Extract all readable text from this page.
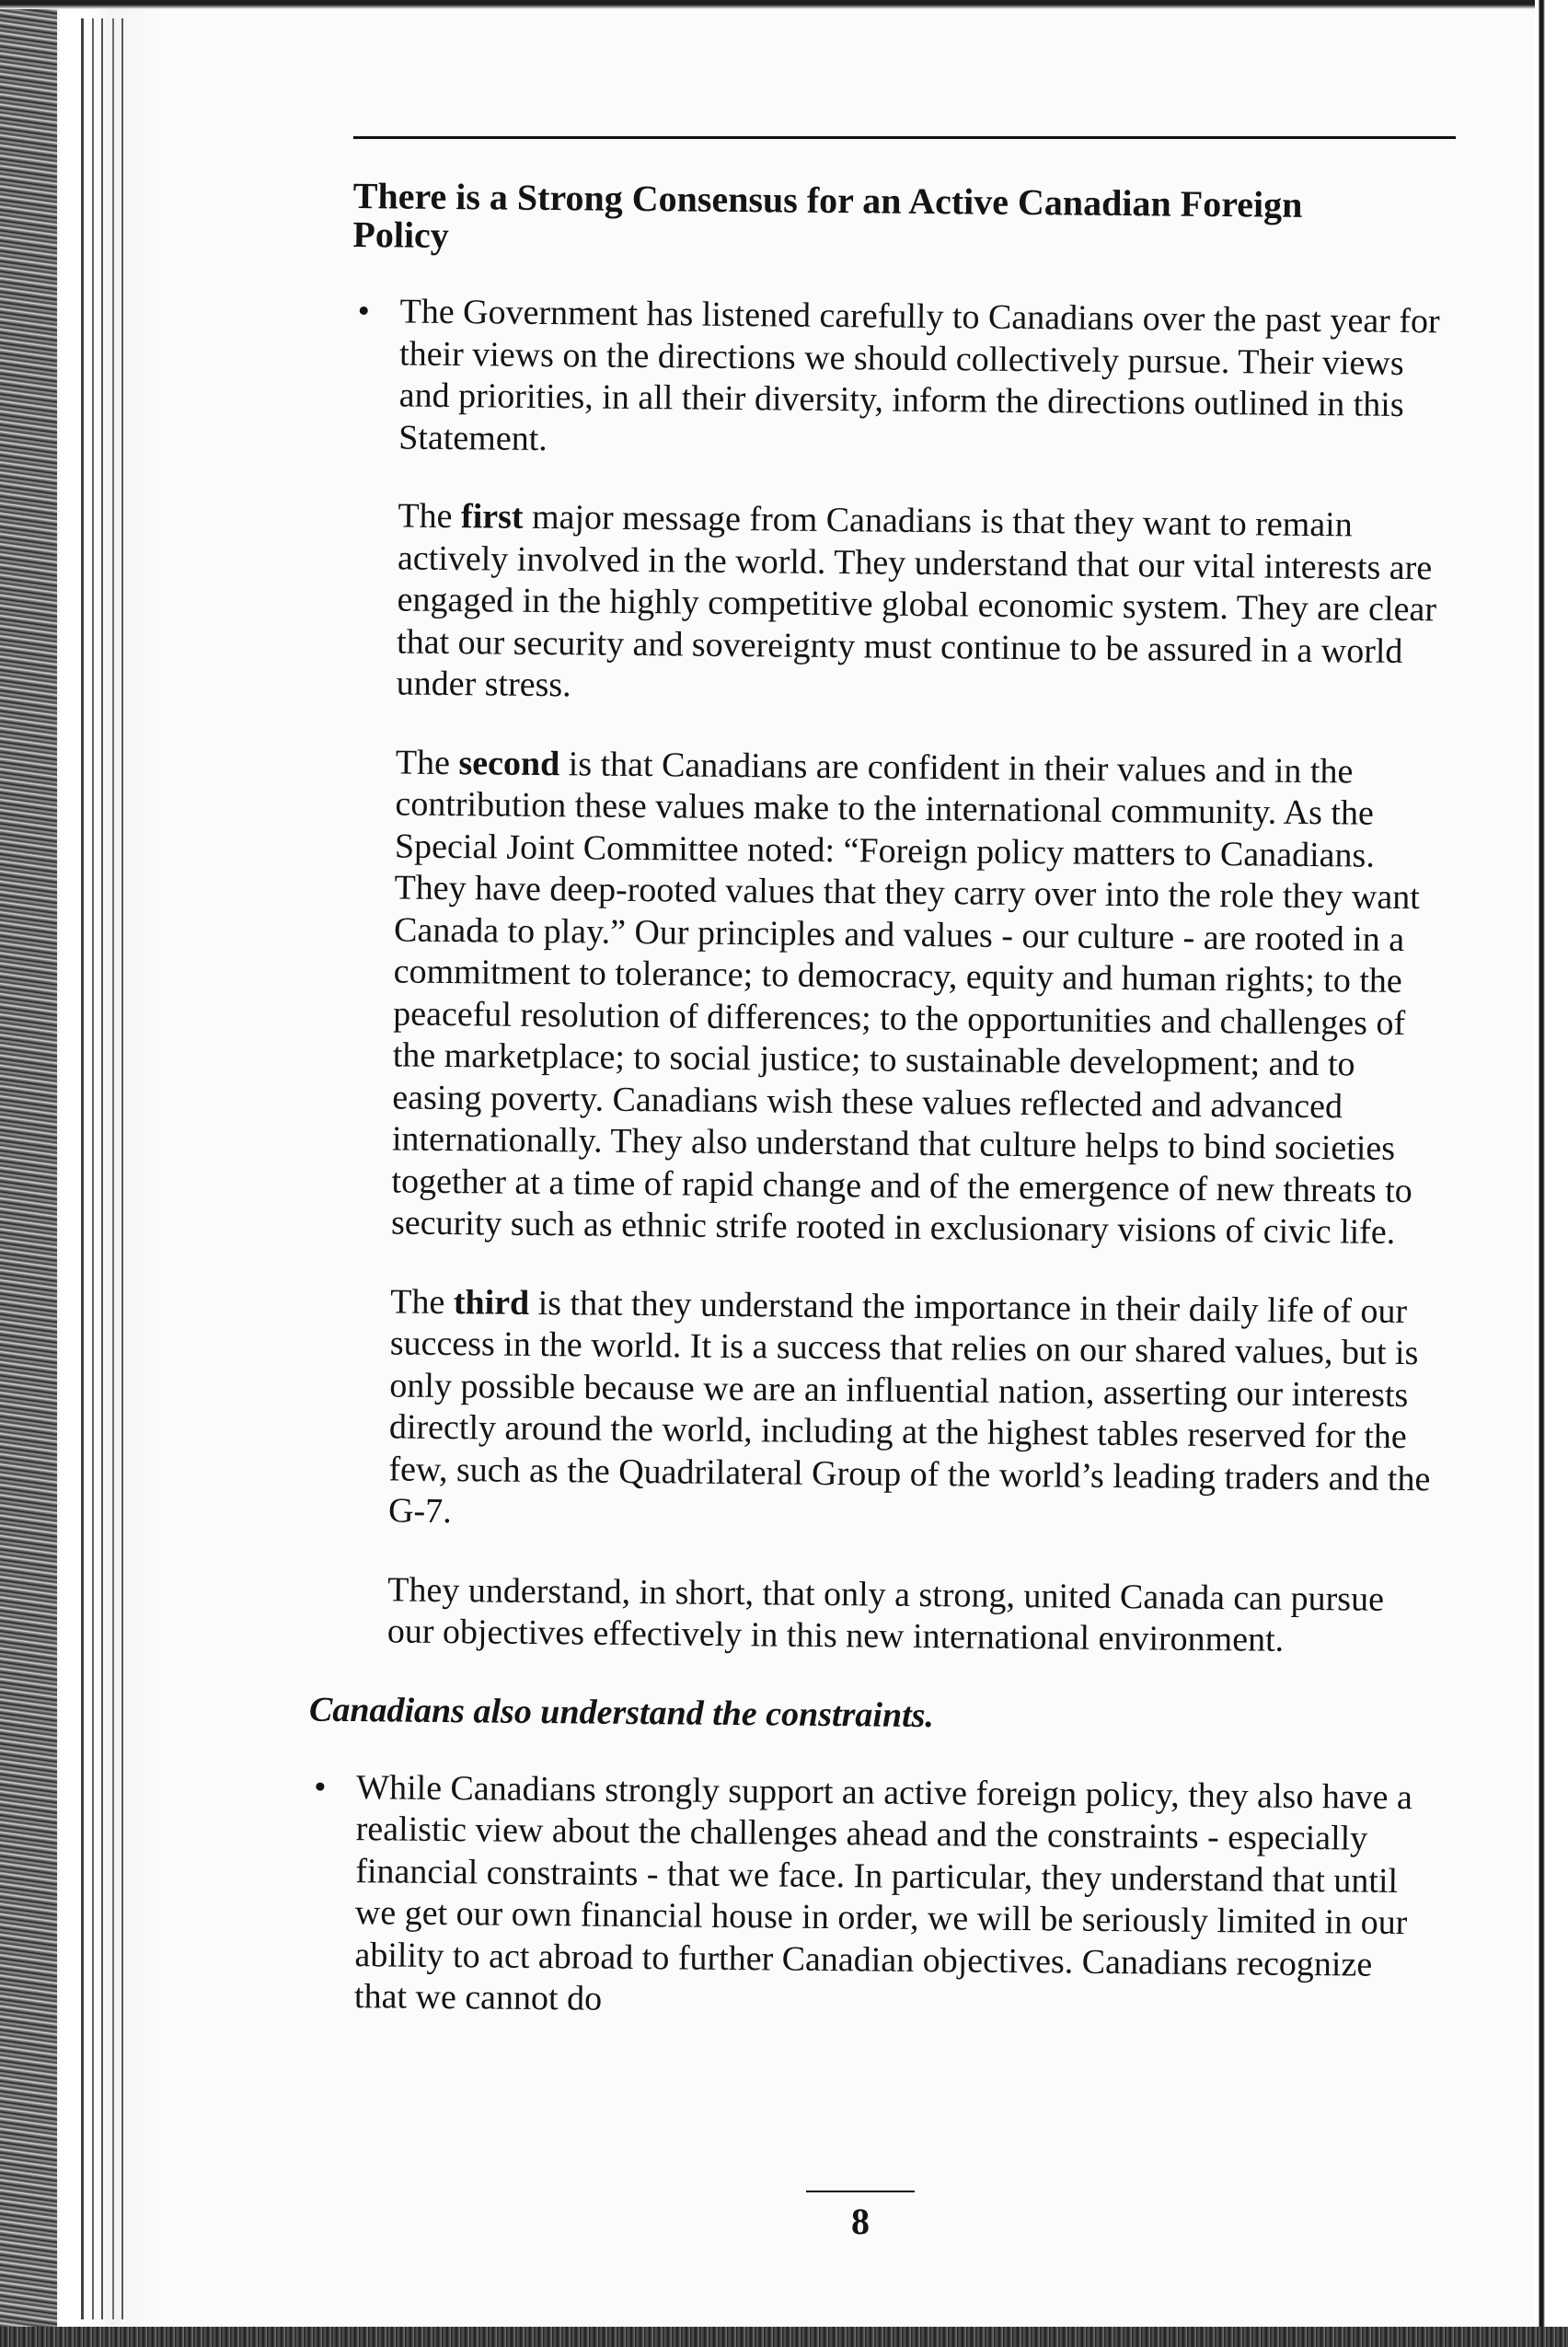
There is a Strong Consensus for an Active Canadian Foreign Policy
• The Government has listened carefully to Canadians over the past year for their views on the directions we should collectively pursue. Their views and priorities, in all their diversity, inform the directions outlined in this Statement.

The first major message from Canadians is that they want to remain actively involved in the world. They understand that our vital interests are engaged in the highly competitive global economic system. They are clear that our security and sovereignty must continue to be assured in a world under stress.

The second is that Canadians are confident in their values and in the contribution these values make to the international community. As the Special Joint Committee noted: “Foreign policy matters to Canadians. They have deep-rooted values that they carry over into the role they want Canada to play.” Our principles and values - our culture - are rooted in a commitment to tolerance; to democracy, equity and human rights; to the peaceful resolution of differences; to the opportunities and challenges of the marketplace; to social justice; to sustainable development; and to easing poverty. Canadians wish these values reflected and advanced internationally. They also understand that culture helps to bind societies together at a time of rapid change and of the emergence of new threats to security such as ethnic strife rooted in exclusionary visions of civic life.

The third is that they understand the importance in their daily life of our success in the world. It is a success that relies on our shared values, but is only possible because we are an influential nation, asserting our interests directly around the world, including at the highest tables reserved for the few, such as the Quadrilateral Group of the world’s leading traders and the G-7.

They understand, in short, that only a strong, united Canada can pursue our objectives effectively in this new international environment.

Canadians also understand the constraints.
• While Canadians strongly support an active foreign policy, they also have a realistic view about the challenges ahead and the constraints - especially financial constraints - that we face. In particular, they understand that until we get our own financial house in order, we will be seriously limited in our ability to act abroad to further Canadian objectives. Canadians recognize that we cannot do
8
